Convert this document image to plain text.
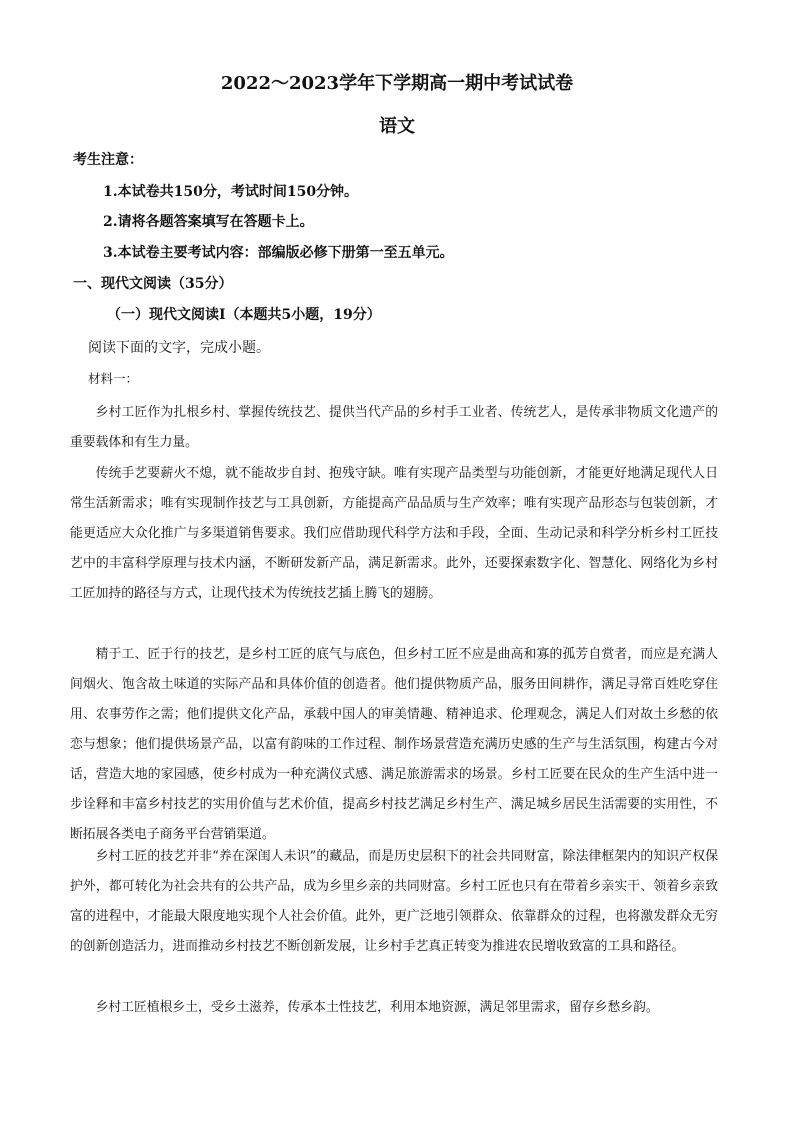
2022～2023学年下学期高一期中考试试卷
语文
考生注意：
1.本试卷共150分，考试时间150分钟。
2.请将各题答案填写在答题卡上。
3.本试卷主要考试内容：部编版必修下册第一至五单元。
一、现代文阅读（35分）
（一）现代文阅读Ⅰ（本题共5小题，19分）
阅读下面的文字，完成小题。
材料一：

乡村工匠作为扎根乡村、掌握传统技艺、提供当代产品的乡村手工业者、传统艺人，是传承非物质文化遗产的重要载体和有生力量。

传统手艺要薪火不熄，就不能故步自封、抱残守缺。唯有实现产品类型与功能创新，才能更好地满足现代人日常生活新需求；唯有实现制作技艺与工具创新，方能提高产品品质与生产效率；唯有实现产品形态与包装创新，才能更适应大众化推广与多渠道销售要求。我们应借助现代科学方法和手段，全面、生动记录和科学分析乡村工匠技艺中的丰富科学原理与技术内涵，不断研发新产品，满足新需求。此外，还要探索数字化、智慧化、网络化为乡村工匠加持的路径与方式，让现代技术为传统技艺插上腾飞的翅膀。

精于工、匠于行的技艺，是乡村工匠的底气与底色，但乡村工匠不应是曲高和寡的孤芳自赏者，而应是充满人间烟火、饱含故土味道的实际产品和具体价值的创造者。他们提供物质产品，服务田间耕作，满足寻常百姓吃穿住用、农事劳作之需；他们提供文化产品，承载中国人的审美情趣、精神追求、伦理观念，满足人们对故土乡愁的依恋与想象；他们提供场景产品，以富有韵味的工作过程、制作场景营造充满历史感的生产与生活氛围，构建古今对话，营造大地的家园感，使乡村成为一种充满仪式感、满足旅游需求的场景。乡村工匠要在民众的生产生活中进一步诠释和丰富乡村技艺的实用价值与艺术价值，提高乡村技艺满足乡村生产、满足城乡居民生活需要的实用性，不断拓展各类电子商务平台营销渠道。

乡村工匠的技艺并非“养在深闺人未识”的藏品，而是历史层积下的社会共同财富，除法律框架内的知识产权保护外，都可转化为社会共有的公共产品，成为乡里乡亲的共同财富。乡村工匠也只有在带着乡亲实干、领着乡亲致富的进程中，才能最大限度地实现个人社会价值。此外，更广泛地引领群众、依靠群众的过程，也将激发群众无穷的创新创造活力，进而推动乡村技艺不断创新发展，让乡村手艺真正转变为推进农民增收致富的工具和路径。

乡村工匠植根乡土，受乡土滋养，传承本土性技艺，利用本地资源，满足邻里需求，留存乡愁乡韵。
